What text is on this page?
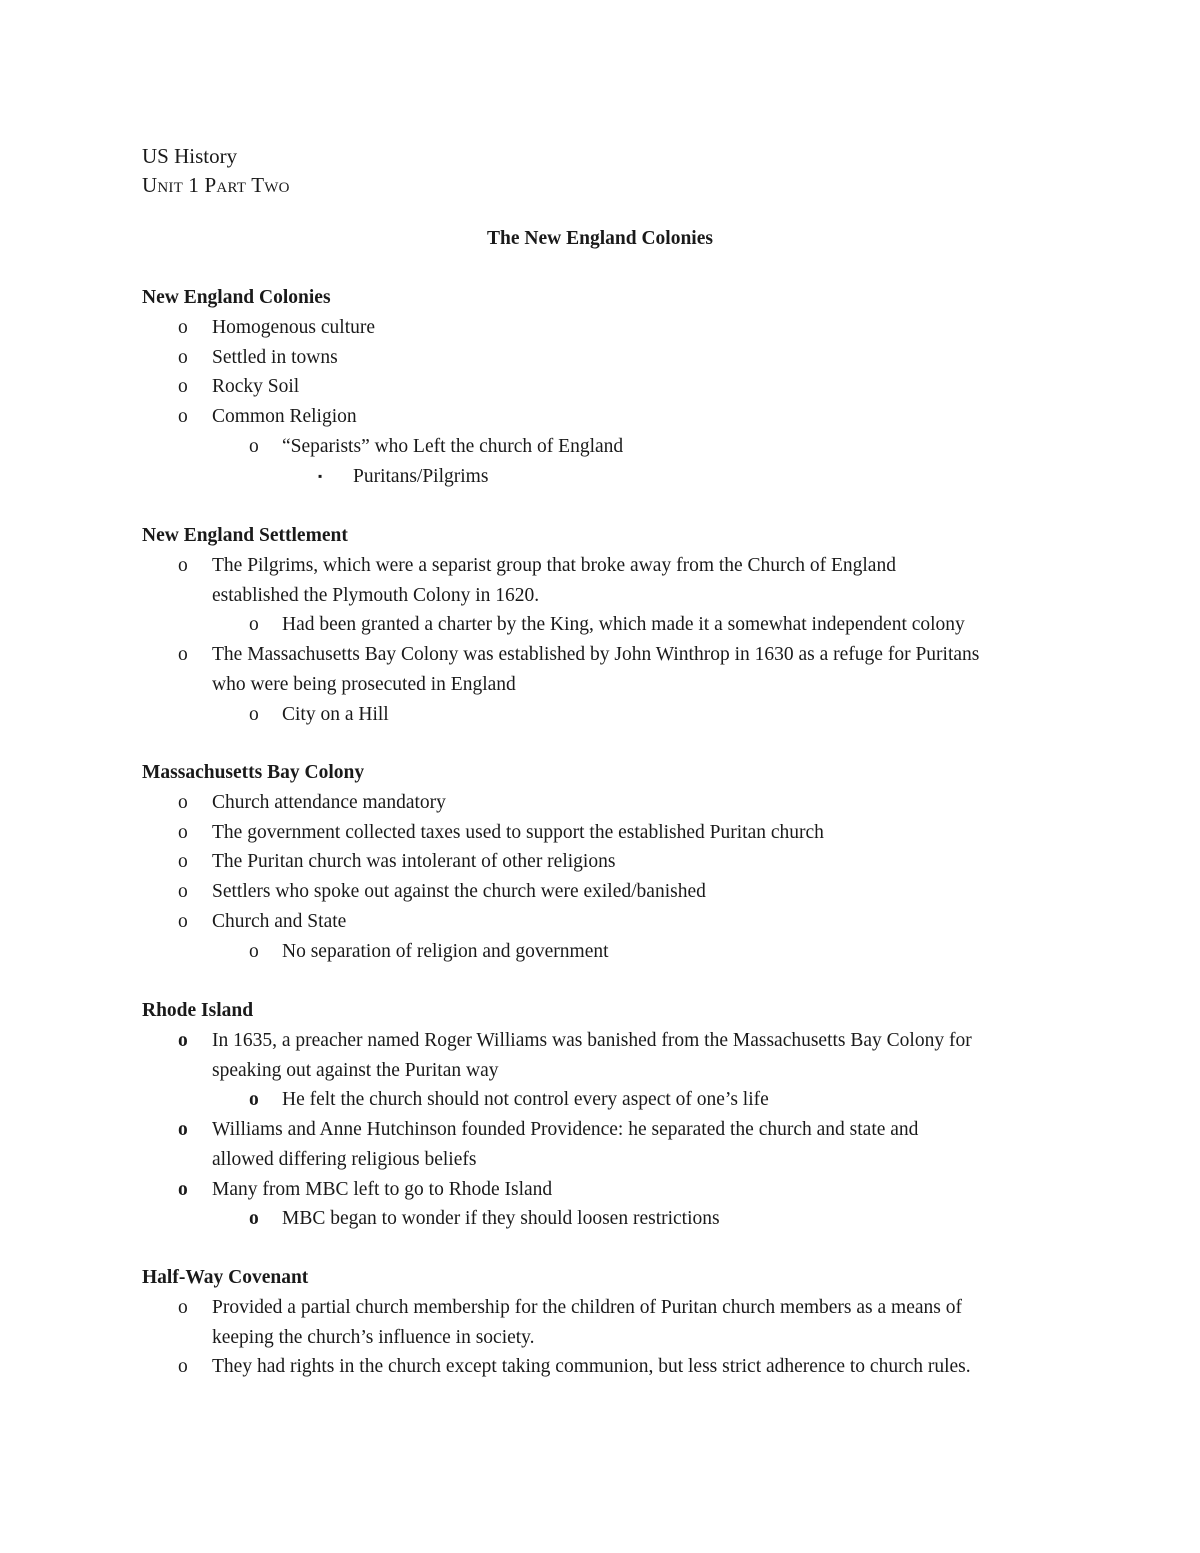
US History
Unit 1 Part Two
The New England Colonies
New England Colonies
o	Homogenous culture
o	Settled in towns
o	Rocky Soil
o	Common Religion
o	“Separists” who Left the church of England
▪	Puritans/Pilgrims
New England Settlement
o	The Pilgrims, which were a separist group that broke away from the Church of England
established the Plymouth Colony in 1620.
o	Had been granted a charter by the King, which made it a somewhat independent colony
o	The Massachusetts Bay Colony was established by John Winthrop in 1630 as a refuge for Puritans
who were being prosecuted in England
o	City on a Hill
Massachusetts Bay Colony
o	Church attendance mandatory
o	The government collected taxes used to support the established Puritan church
o	The Puritan church was intolerant of other religions
o	Settlers who spoke out against the church were exiled/banished
o	Church and State
o	No separation of religion and government
Rhode Island
o	In 1635, a preacher named Roger Williams was banished from the Massachusetts Bay Colony for
speaking out against the Puritan way
o	He felt the church should not control every aspect of one’s life
o	Williams and Anne Hutchinson founded Providence: he separated the church and state and
allowed differing religious beliefs
o	Many from MBC left to go to Rhode Island
o	MBC began to wonder if they should loosen restrictions
Half-Way Covenant
o	Provided a partial church membership for the children of Puritan church members as a means of
keeping the church’s influence in society.
o	They had rights in the church except taking communion, but less strict adherence to church rules.
